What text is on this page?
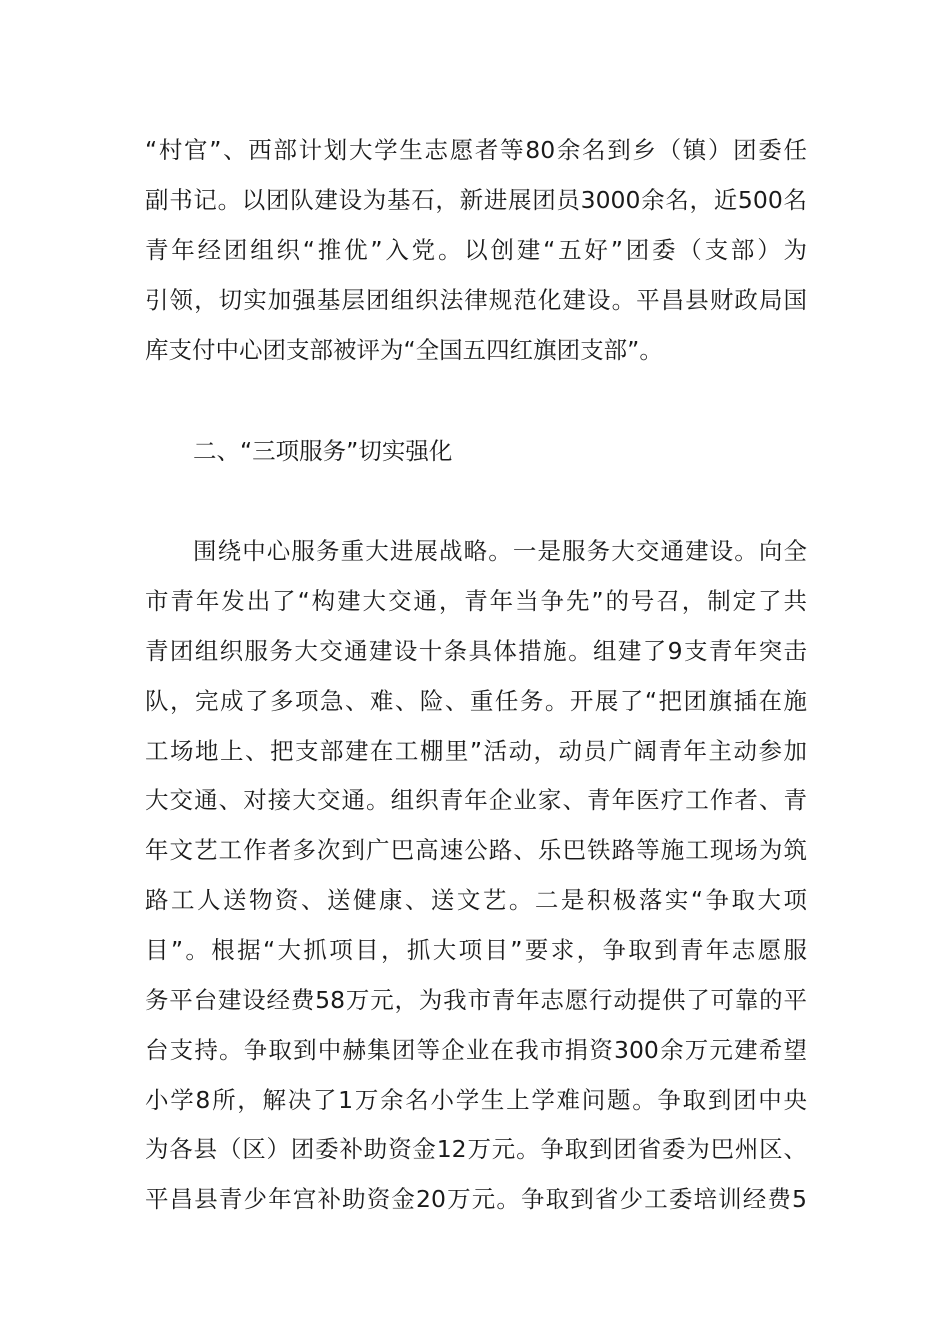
“村官”、西部计划大学生志愿者等80余名到乡（镇）团委任
副书记。以团队建设为基石，新进展团员3000余名，近500名
青年经团组织“推优”入党。以创建“五好”团委（支部）为
引领，切实加强基层团组织法律规范化建设。平昌县财政局国
库支付中心团支部被评为“全国五四红旗团支部”。
二、“三项服务”切实强化
围绕中心服务重大进展战略。一是服务大交通建设。向全
市青年发出了“构建大交通，青年当争先”的号召，制定了共
青团组织服务大交通建设十条具体措施。组建了9支青年突击
队，完成了多项急、难、险、重任务。开展了“把团旗插在施
工场地上、把支部建在工棚里”活动，动员广阔青年主动参加
大交通、对接大交通。组织青年企业家、青年医疗工作者、青
年文艺工作者多次到广巴高速公路、乐巴铁路等施工现场为筑
路工人送物资、送健康、送文艺。二是积极落实“争取大项
目”。根据“大抓项目，抓大项目”要求，争取到青年志愿服
务平台建设经费58万元，为我市青年志愿行动提供了可靠的平
台支持。争取到中赫集团等企业在我市捐资300余万元建希望
小学8所，解决了1万余名小学生上学难问题。争取到团中央
为各县（区）团委补助资金12万元。争取到团省委为巴州区、
平昌县青少年宫补助资金20万元。争取到省少工委培训经费5
